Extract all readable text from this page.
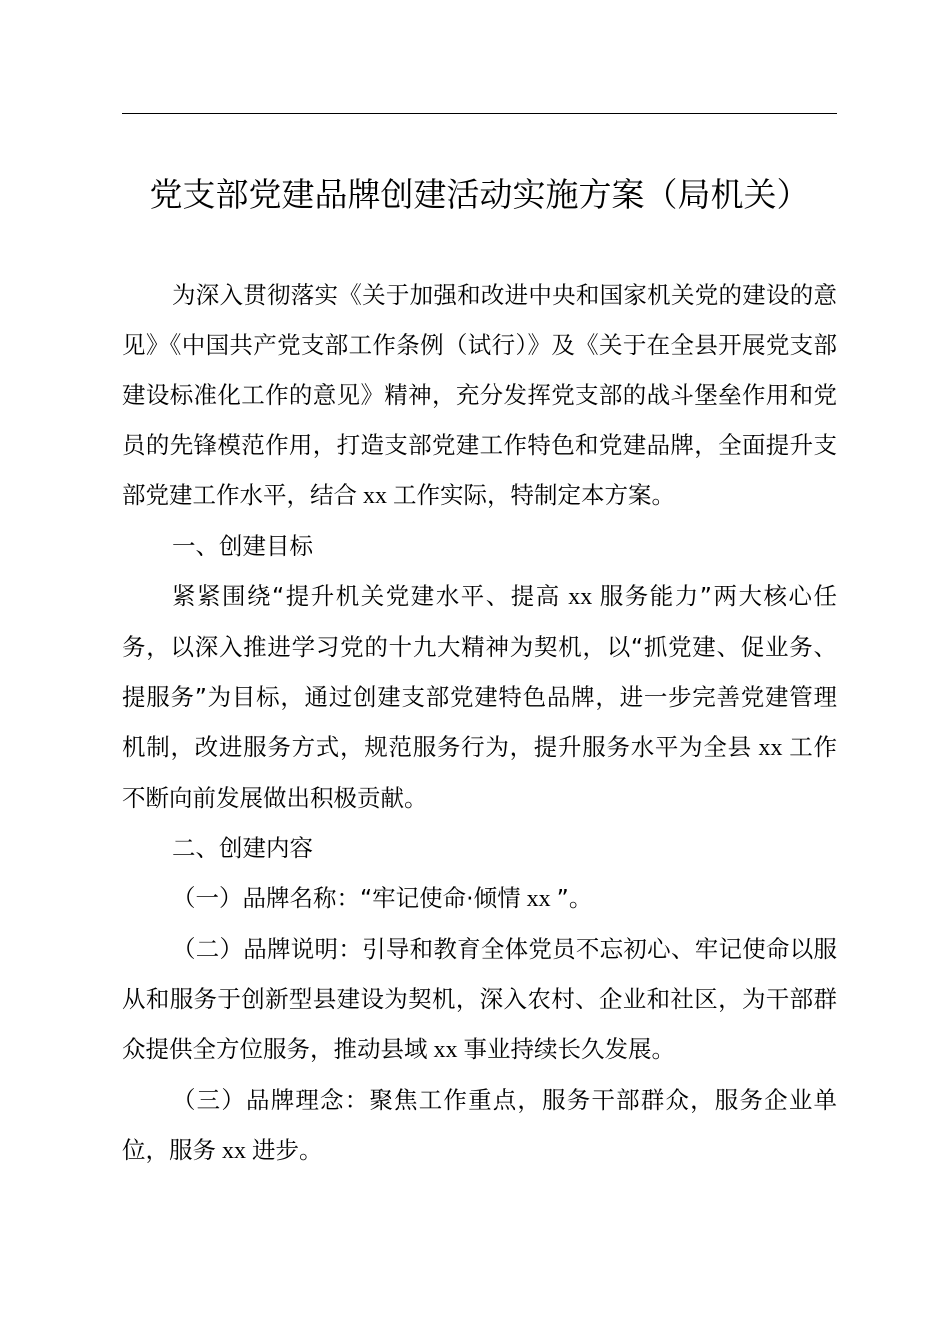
党支部党建品牌创建活动实施方案（局机关）

为深入贯彻落实《关于加强和改进中央和国家机关党的建设的意见》《中国共产党支部工作条例（试行）》及《关于在全县开展党支部建设标准化工作的意见》精神，充分发挥党支部的战斗堡垒作用和党员的先锋模范作用，打造支部党建工作特色和党建品牌，全面提升支部党建工作水平，结合 xx 工作实际，特制定本方案。

一、创建目标

紧紧围绕“提升机关党建水平、提高 xx 服务能力”两大核心任务，以深入推进学习党的十九大精神为契机，以“抓党建、促业务、提服务”为目标，通过创建支部党建特色品牌，进一步完善党建管理机制，改进服务方式，规范服务行为，提升服务水平为全县 xx 工作不断向前发展做出积极贡献。

二、创建内容

（一）品牌名称：“牢记使命·倾情 xx ”。

（二）品牌说明：引导和教育全体党员不忘初心、牢记使命以服从和服务于创新型县建设为契机，深入农村、企业和社区，为干部群众提供全方位服务，推动县域 xx 事业持续长久发展。

（三）品牌理念：聚焦工作重点，服务干部群众，服务企业单位，服务 xx 进步。
